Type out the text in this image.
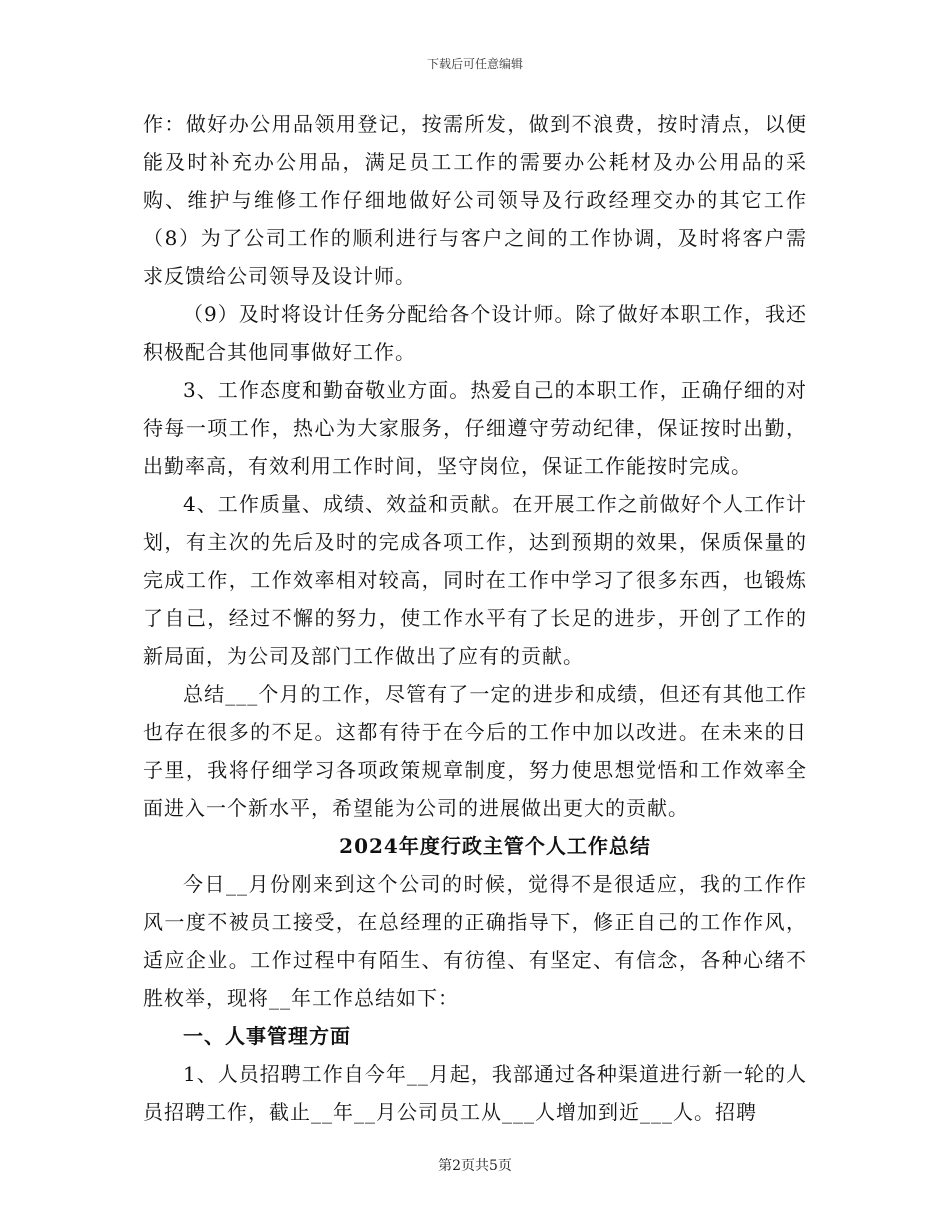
下载后可任意编辑

作：做好办公用品领用登记，按需所发，做到不浪费，按时清点，以便能及时补充办公用品，满足员工工作的需要办公耗材及办公用品的采购、维护与维修工作仔细地做好公司领导及行政经理交办的其它工作（8）为了公司工作的顺利进行与客户之间的工作协调，及时将客户需求反馈给公司领导及设计师。

（9）及时将设计任务分配给各个设计师。除了做好本职工作，我还积极配合其他同事做好工作。

3、工作态度和勤奋敬业方面。热爱自己的本职工作，正确仔细的对待每一项工作，热心为大家服务，仔细遵守劳动纪律，保证按时出勤，出勤率高，有效利用工作时间，坚守岗位，保证工作能按时完成。

4、工作质量、成绩、效益和贡献。在开展工作之前做好个人工作计划，有主次的先后及时的完成各项工作，达到预期的效果，保质保量的完成工作，工作效率相对较高，同时在工作中学习了很多东西，也锻炼了自己，经过不懈的努力，使工作水平有了长足的进步，开创了工作的新局面，为公司及部门工作做出了应有的贡献。

总结___个月的工作，尽管有了一定的进步和成绩，但还有其他工作也存在很多的不足。这都有待于在今后的工作中加以改进。在未来的日子里，我将仔细学习各项政策规章制度，努力使思想觉悟和工作效率全面进入一个新水平，希望能为公司的进展做出更大的贡献。

2024年度行政主管个人工作总结

今日__月份刚来到这个公司的时候，觉得不是很适应，我的工作作风一度不被员工接受，在总经理的正确指导下，修正自己的工作作风，适应企业。工作过程中有陌生、有彷徨、有坚定、有信念，各种心绪不胜枚举，现将__年工作总结如下：

一、人事管理方面

1、人员招聘工作自今年__月起，我部通过各种渠道进行新一轮的人员招聘工作，截止__年__月公司员工从___人增加到近___人。招聘

第2页共5页
